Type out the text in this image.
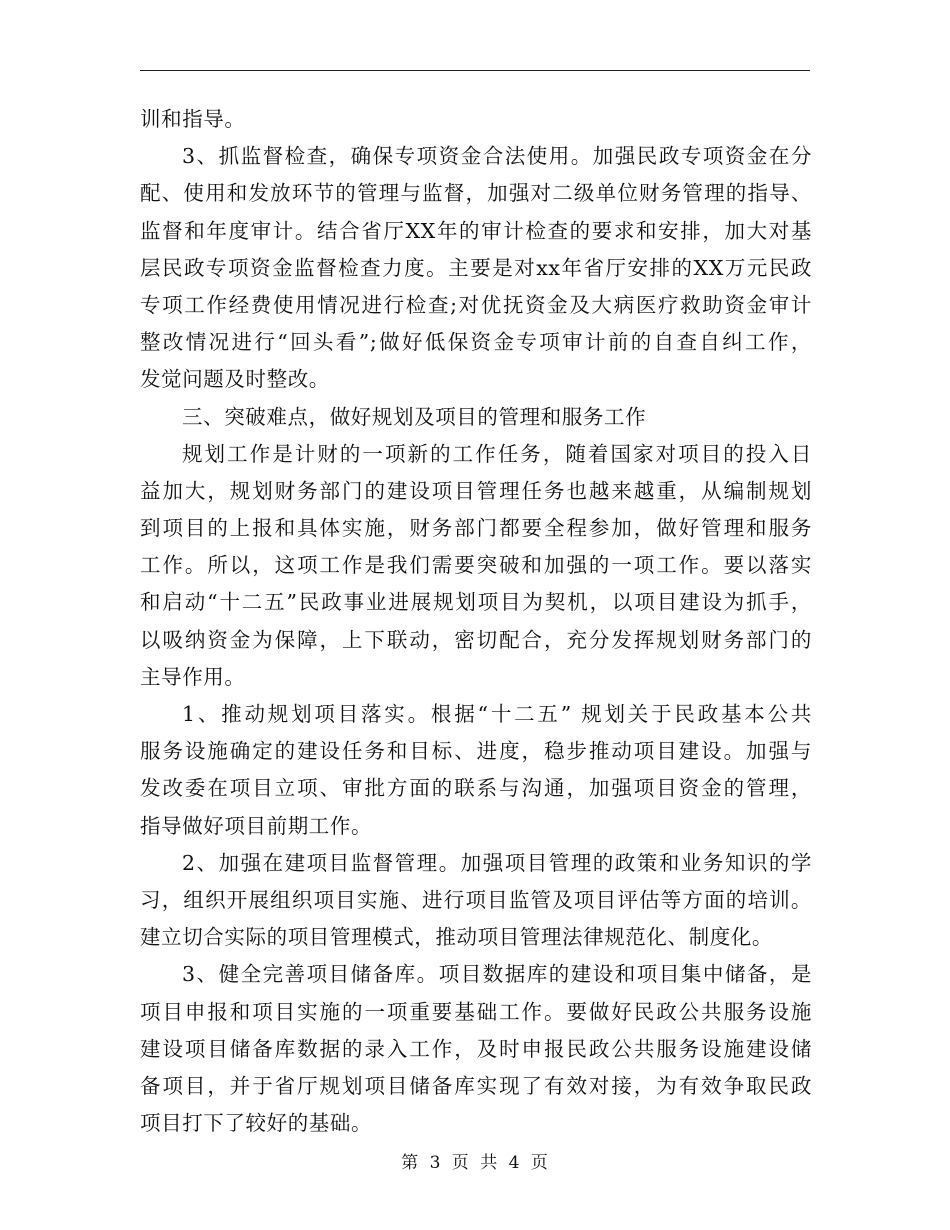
训和指导。
3、抓监督检查，确保专项资金合法使用。加强民政专项资金在分
配、使用和发放环节的管理与监督，加强对二级单位财务管理的指导、
监督和年度审计。结合省厅XX年的审计检查的要求和安排，加大对基
层民政专项资金监督检查力度。主要是对xx年省厅安排的XX万元民政
专项工作经费使用情况进行检查;对优抚资金及大病医疗救助资金审计
整改情况进行“回头看”;做好低保资金专项审计前的自查自纠工作，
发觉问题及时整改。
三、突破难点，做好规划及项目的管理和服务工作
规划工作是计财的一项新的工作任务，随着国家对项目的投入日
益加大，规划财务部门的建设项目管理任务也越来越重，从编制规划
到项目的上报和具体实施，财务部门都要全程参加，做好管理和服务
工作。所以，这项工作是我们需要突破和加强的一项工作。要以落实
和启动“十二五”民政事业进展规划项目为契机，以项目建设为抓手，
以吸纳资金为保障，上下联动，密切配合，充分发挥规划财务部门的
主导作用。
1、推动规划项目落实。根据“十二五” 规划关于民政基本公共
服务设施确定的建设任务和目标、进度，稳步推动项目建设。加强与
发改委在项目立项、审批方面的联系与沟通，加强项目资金的管理，
指导做好项目前期工作。
2、加强在建项目监督管理。加强项目管理的政策和业务知识的学
习，组织开展组织项目实施、进行项目监管及项目评估等方面的培训。
建立切合实际的项目管理模式，推动项目管理法律规范化、制度化。
3、健全完善项目储备库。项目数据库的建设和项目集中储备，是
项目申报和项目实施的一项重要基础工作。要做好民政公共服务设施
建设项目储备库数据的录入工作，及时申报民政公共服务设施建设储
备项目，并于省厅规划项目储备库实现了有效对接，为有效争取民政
项目打下了较好的基础。
第 3 页 共 4 页
